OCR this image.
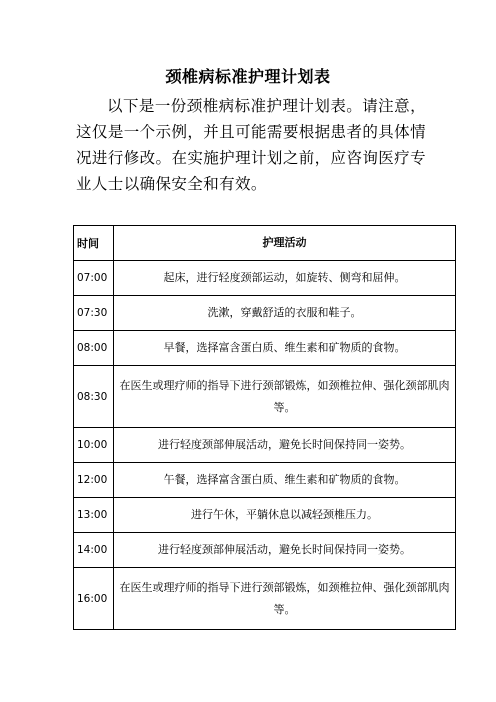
颈椎病标准护理计划表

以下是一份颈椎病标准护理计划表。请注意，这仅是一个示例，并且可能需要根据患者的具体情况进行修改。在实施护理计划之前，应咨询医疗专业人士以确保安全和有效。

时间	护理活动
07:00	起床，进行轻度颈部运动，如旋转、侧弯和屈伸。
07:30	洗漱，穿戴舒适的衣服和鞋子。
08:00	早餐，选择富含蛋白质、维生素和矿物质的食物。
08:30	在医生或理疗师的指导下进行颈部锻炼，如颈椎拉伸、强化颈部肌肉等。
10:00	进行轻度颈部伸展活动，避免长时间保持同一姿势。
12:00	午餐，选择富含蛋白质、维生素和矿物质的食物。
13:00	进行午休，平躺休息以减轻颈椎压力。
14:00	进行轻度颈部伸展活动，避免长时间保持同一姿势。
16:00	在医生或理疗师的指导下进行颈部锻炼，如颈椎拉伸、强化颈部肌肉等。
